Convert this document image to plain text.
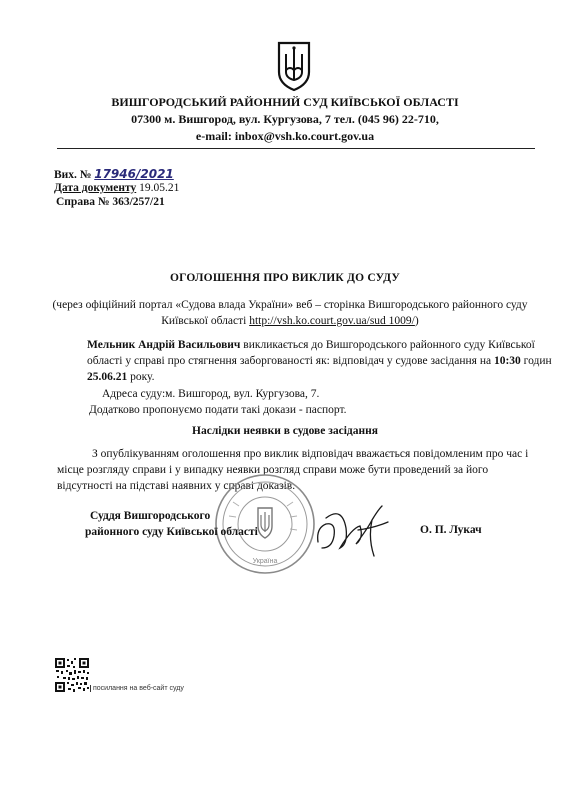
ВИШГОРОДСЬКИЙ РАЙОННИЙ СУД КИЇВСЬКОЇ ОБЛАСТІ
07300 м. Вишгород, вул. Кургузова, 7 тел. (045 96) 22-710,
e-mail: inbox@vsh.ko.court.gov.ua
Вих. № 17946/2021
Дата документу 19.05.21
Справа № 363/257/21
ОГОЛОШЕННЯ ПРО ВИКЛИК ДО СУДУ
(через офіційний портал «Судова влада України» веб – сторінка Вишгородського районного суду
Київської області http://vsh.ko.court.gov.ua/sud 1009/)
Мельник Андрій Васильович викликається до Вишгородського районного суду Київської
області у справі про стягнення заборгованості як: відповідач у судове засідання на 10:30 годин
25.06.21 року.
Адреса суду:м. Вишгород, вул. Кургузова, 7.
Додатково пропонуємо подати такі докази - паспорт.
Наслідки неявки в судове засідання
З опублікуванням оголошення про виклик відповідач вважається повідомленим про час і
місце розгляду справи і у випадку неявки розгляд справи може бути проведений за його
відсутності на підставі наявних у справі доказів.
Україна
Суддя Вишгородського
районного суду Київської області	О. П. Лукач
посилання на веб-сайт суду
